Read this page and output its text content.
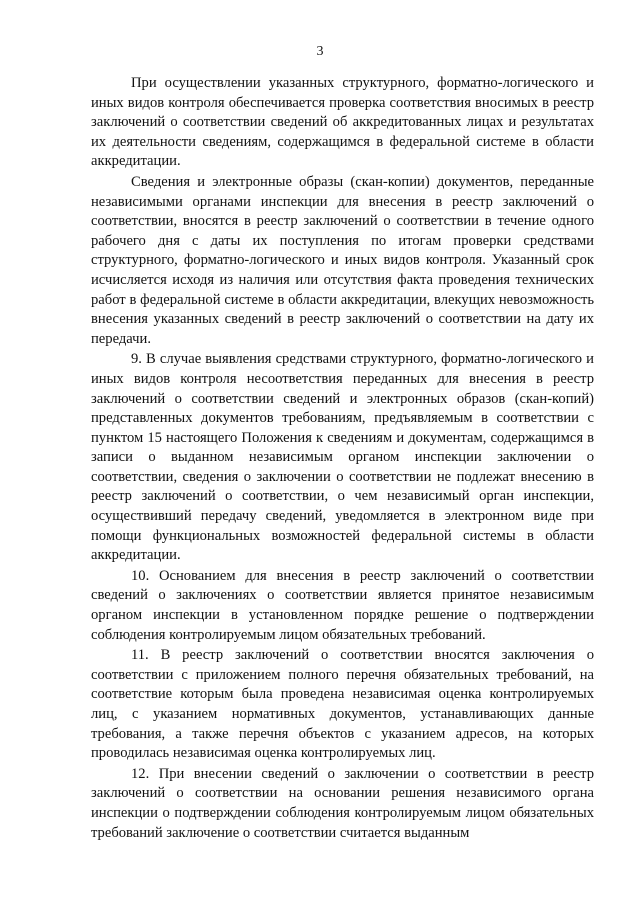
3

При осуществлении указанных структурного, форматно-логического и иных видов контроля обеспечивается проверка соответствия вносимых в реестр заключений о соответствии сведений об аккредитованных лицах и результатах их деятельности сведениям, содержащимся в федеральной системе в области аккредитации.

Сведения и электронные образы (скан-копии) документов, переданные независимыми органами инспекции для внесения в реестр заключений о соответствии, вносятся в реестр заключений о соответствии в течение одного рабочего дня с даты их поступления по итогам проверки средствами структурного, форматно-логического и иных видов контроля. Указанный срок исчисляется исходя из наличия или отсутствия факта проведения технических работ в федеральной системе в области аккредитации, влекущих невозможность внесения указанных сведений в реестр заключений о соответствии на дату их передачи.

9. В случае выявления средствами структурного, форматно-логического и иных видов контроля несоответствия переданных для внесения в реестр заключений о соответствии сведений и электронных образов (скан-копий) представленных документов требованиям, предъявляемым в соответствии с пунктом 15 настоящего Положения к сведениям и документам, содержащимся в записи о выданном независимым органом инспекции заключении о соответствии, сведения о заключении о соответствии не подлежат внесению в реестр заключений о соответствии, о чем независимый орган инспекции, осуществивший передачу сведений, уведомляется в электронном виде при помощи функциональных возможностей федеральной системы в области аккредитации.

10. Основанием для внесения в реестр заключений о соответствии сведений о заключениях о соответствии является принятое независимым органом инспекции в установленном порядке решение о подтверждении соблюдения контролируемым лицом обязательных требований.

11. В реестр заключений о соответствии вносятся заключения о соответствии с приложением полного перечня обязательных требований, на соответствие которым была проведена независимая оценка контролируемых лиц, с указанием нормативных документов, устанавливающих данные требования, а также перечня объектов с указанием адресов, на которых проводилась независимая оценка контролируемых лиц.

12. При внесении сведений о заключении о соответствии в реестр заключений о соответствии на основании решения независимого органа инспекции о подтверждении соблюдения контролируемым лицом обязательных требований заключение о соответствии считается выданным
